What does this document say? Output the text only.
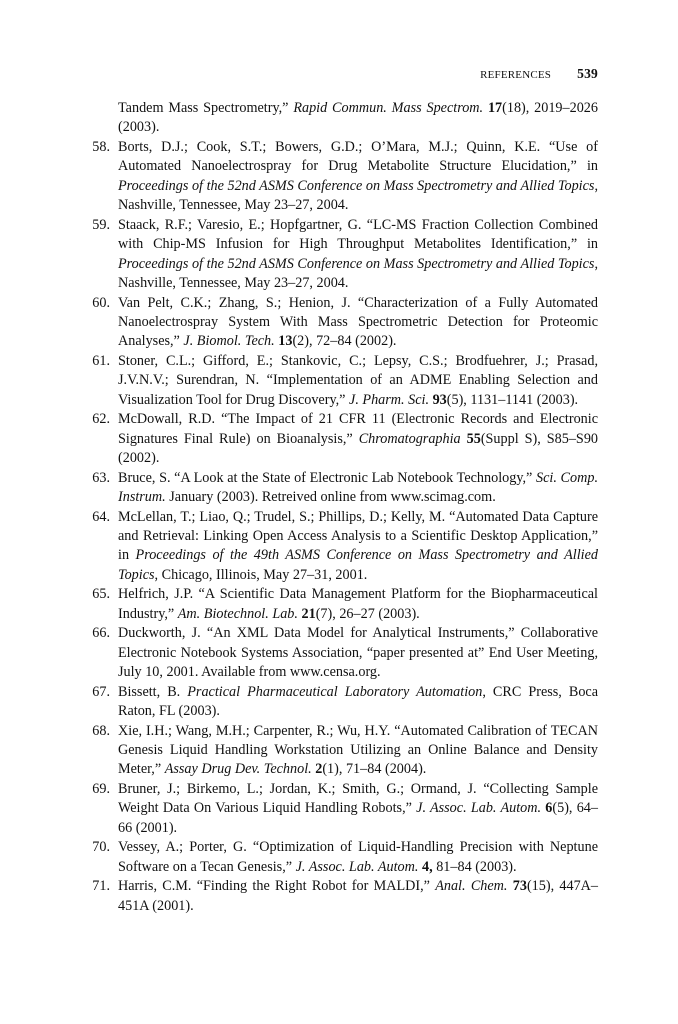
REFERENCES 539
Tandem Mass Spectrometry,” Rapid Commun. Mass Spectrom. 17(18), 2019–2026 (2003).
58. Borts, D.J.; Cook, S.T.; Bowers, G.D.; O’Mara, M.J.; Quinn, K.E. “Use of Automated Nanoelectrospray for Drug Metabolite Structure Elucidation,” in Proceedings of the 52nd ASMS Conference on Mass Spectrometry and Allied Topics, Nashville, Tennessee, May 23–27, 2004.
59. Staack, R.F.; Varesio, E.; Hopfgartner, G. “LC-MS Fraction Collection Combined with Chip-MS Infusion for High Throughput Metabolites Identification,” in Proceedings of the 52nd ASMS Conference on Mass Spectrometry and Allied Topics, Nashville, Tennessee, May 23–27, 2004.
60. Van Pelt, C.K.; Zhang, S.; Henion, J. “Characterization of a Fully Automated Nanoelectrospray System With Mass Spectrometric Detection for Proteomic Analyses,” J. Biomol. Tech. 13(2), 72–84 (2002).
61. Stoner, C.L.; Gifford, E.; Stankovic, C.; Lepsy, C.S.; Brodfuehrer, J.; Prasad, J.V.N.V.; Surendran, N. “Implementation of an ADME Enabling Selection and Visualization Tool for Drug Discovery,” J. Pharm. Sci. 93(5), 1131–1141 (2003).
62. McDowall, R.D. “The Impact of 21 CFR 11 (Electronic Records and Electronic Signatures Final Rule) on Bioanalysis,” Chromatographia 55(Suppl S), S85–S90 (2002).
63. Bruce, S. “A Look at the State of Electronic Lab Notebook Technology,” Sci. Comp. Instrum. January (2003). Retreived online from www.scimag.com.
64. McLellan, T.; Liao, Q.; Trudel, S.; Phillips, D.; Kelly, M. “Automated Data Capture and Retrieval: Linking Open Access Analysis to a Scientific Desktop Application,” in Proceedings of the 49th ASMS Conference on Mass Spectrometry and Allied Topics, Chicago, Illinois, May 27–31, 2001.
65. Helfrich, J.P. “A Scientific Data Management Platform for the Biopharmaceutical Industry,” Am. Biotechnol. Lab. 21(7), 26–27 (2003).
66. Duckworth, J. “An XML Data Model for Analytical Instruments,” Collaborative Electronic Notebook Systems Association, “paper presented at” End User Meeting, July 10, 2001. Available from www.censa.org.
67. Bissett, B. Practical Pharmaceutical Laboratory Automation, CRC Press, Boca Raton, FL (2003).
68. Xie, I.H.; Wang, M.H.; Carpenter, R.; Wu, H.Y. “Automated Calibration of TECAN Genesis Liquid Handling Workstation Utilizing an Online Balance and Density Meter,” Assay Drug Dev. Technol. 2(1), 71–84 (2004).
69. Bruner, J.; Birkemo, L.; Jordan, K.; Smith, G.; Ormand, J. “Collecting Sample Weight Data On Various Liquid Handling Robots,” J. Assoc. Lab. Autom. 6(5), 64–66 (2001).
70. Vessey, A.; Porter, G. “Optimization of Liquid-Handling Precision with Neptune Software on a Tecan Genesis,” J. Assoc. Lab. Autom. 4, 81–84 (2003).
71. Harris, C.M. “Finding the Right Robot for MALDI,” Anal. Chem. 73(15), 447A–451A (2001).
